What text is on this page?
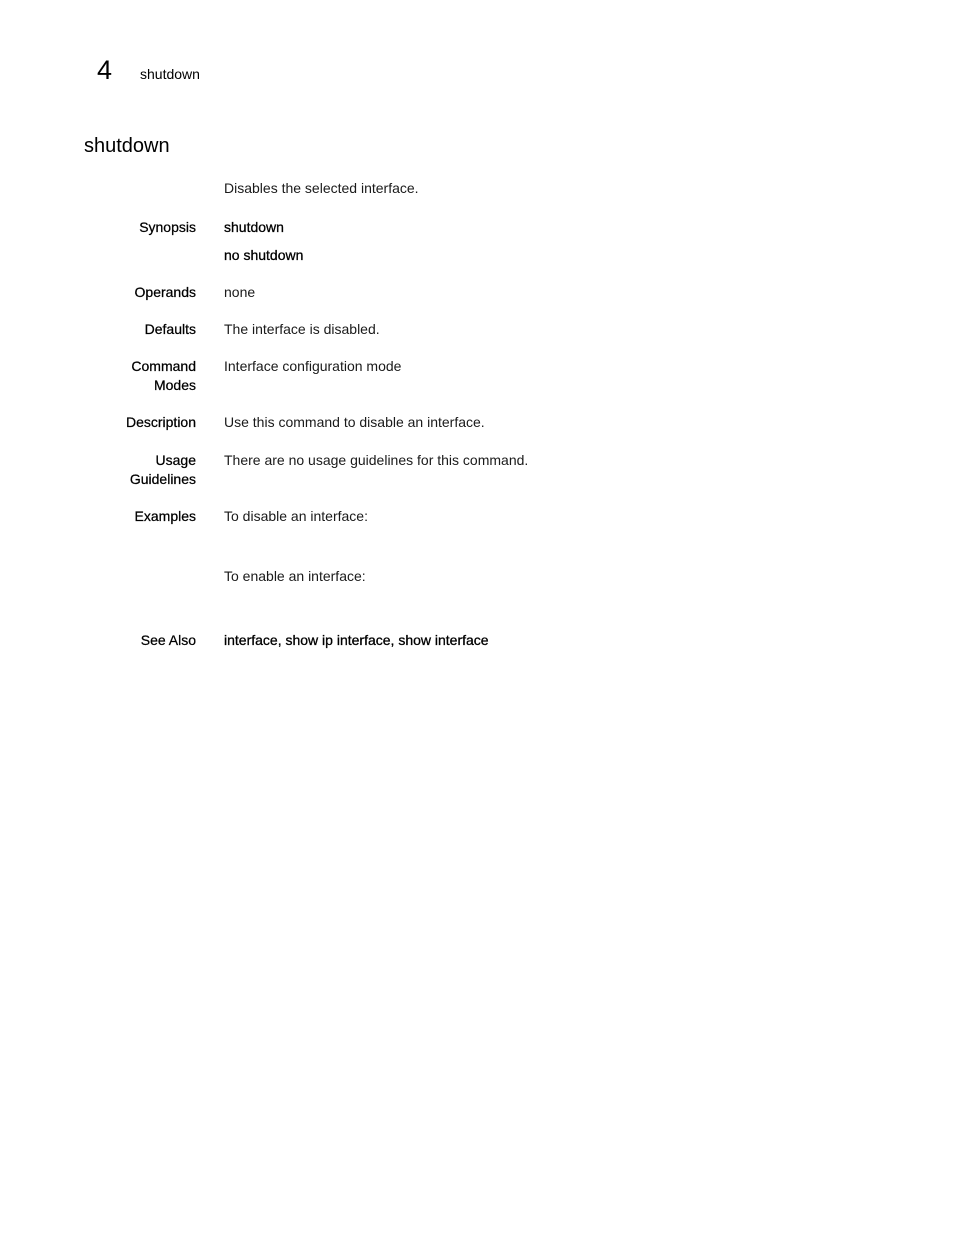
4	shutdown
shutdown
Disables the selected interface.
Synopsis shutdown
no shutdown
Operands none
Defaults The interface is disabled.
Command
Modes
Interface configuration mode
Description Use this command to disable an interface.
Usage
Guidelines
There are no usage guidelines for this command.
Examples To disable an interface:
To enable an interface:
See Also interface, show ip interface, show interface
